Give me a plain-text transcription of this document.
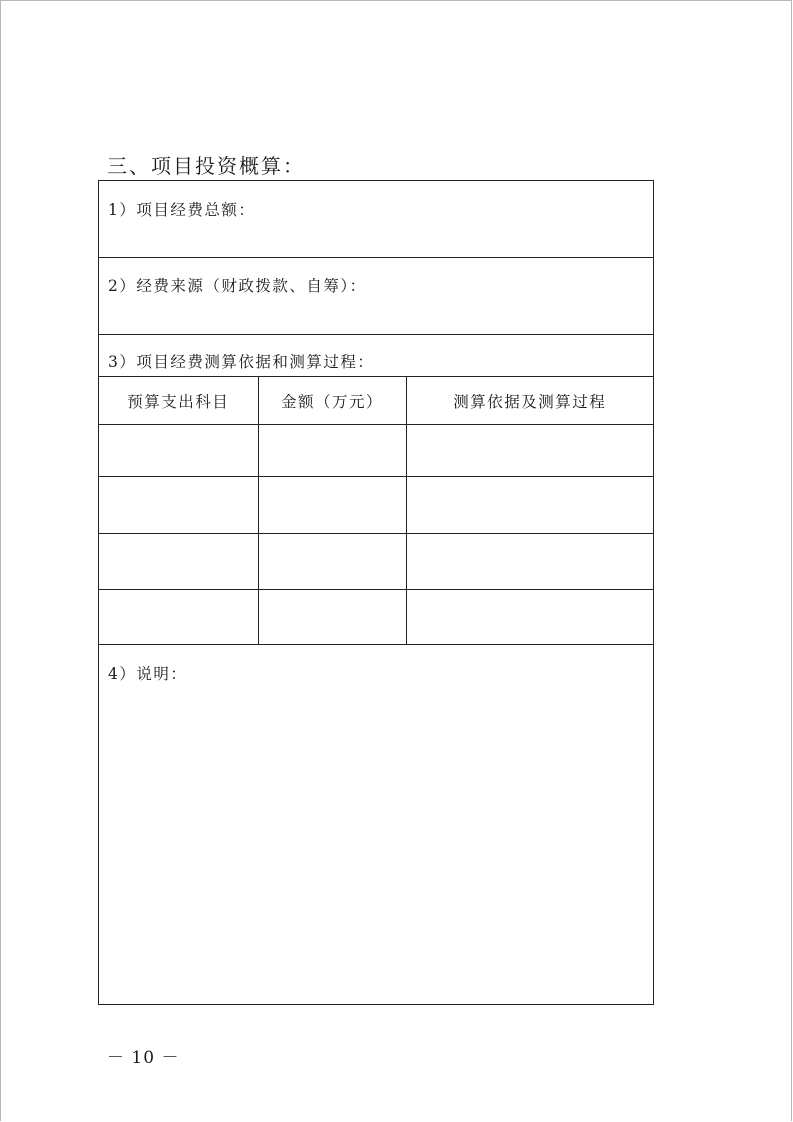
三、项目投资概算：
1）项目经费总额：
2）经费来源（财政拨款、自筹）：
3）项目经费测算依据和测算过程：
预算支出科目	金额（万元）	测算依据及测算过程

4）说明：
－ 10 －
